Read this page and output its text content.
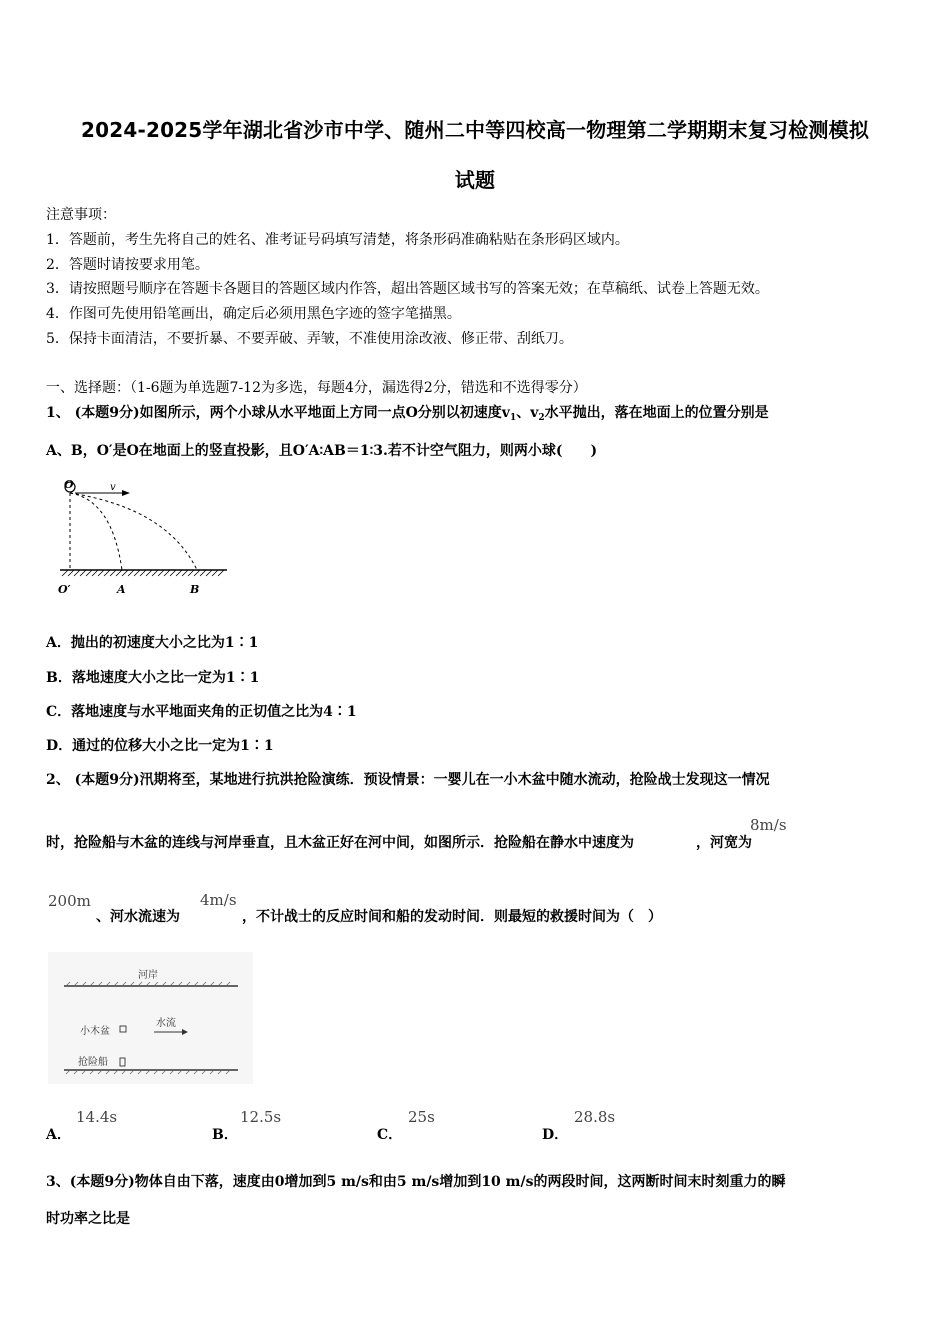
2024-2025学年湖北省沙市中学、随州二中等四校高一物理第二学期期末复习检测模拟
试题
注意事项：
1．答题前，考生先将自己的姓名、准考证号码填写清楚，将条形码准确粘贴在条形码区域内。
2．答题时请按要求用笔。
3．请按照题号顺序在答题卡各题目的答题区域内作答，超出答题区域书写的答案无效；在草稿纸、试卷上答题无效。
4．作图可先使用铅笔画出，确定后必须用黑色字迹的签字笔描黑。
5．保持卡面清洁，不要折暴、不要弄破、弄皱，不准使用涂改液、修正带、刮纸刀。
一、选择题：（1-6题为单选题7-12为多选，每题4分，漏选得2分，错选和不选得零分）
1、 (本题9分)如图所示，两个小球从水平地面上方同一点O分别以初速度$v_1$、$v_2$水平抛出，落在地面上的位置分别是
A、B，O′是O在地面上的竖直投影，且O′A∶AB＝1∶3.若不计空气阻力，则两小球(　　)
O	v
O′	A	B
A．抛出的初速度大小之比为1∶1
B．落地速度大小之比一定为1∶1
C．落地速度与水平地面夹角的正切值之比为4∶1
D．通过的位移大小之比一定为1∶1
2、 (本题9分)汛期将至，某地进行抗洪抢险演练．预设情景：一婴儿在一小木盆中随水流动，抢险战士发现这一情况
时，抢险船与木盆的连线与河岸垂直，且木盆正好在河中间，如图所示．抢险船在静水中速度为	，河宽为
8m/s
200m
、河水流速为	，不计战士的反应时间和船的发动时间．则最短的救援时间为（　）
4m/s
河岸
小木盆
水流
抢险船
A．
14.4s
B．
12.5s
C．
25s
D．
28.8s
3、(本题9分)物体自由下落，速度由0增加到5 m/s和由5 m/s增加到10 m/s的两段时间，这两断时间末时刻重力的瞬
时功率之比是
